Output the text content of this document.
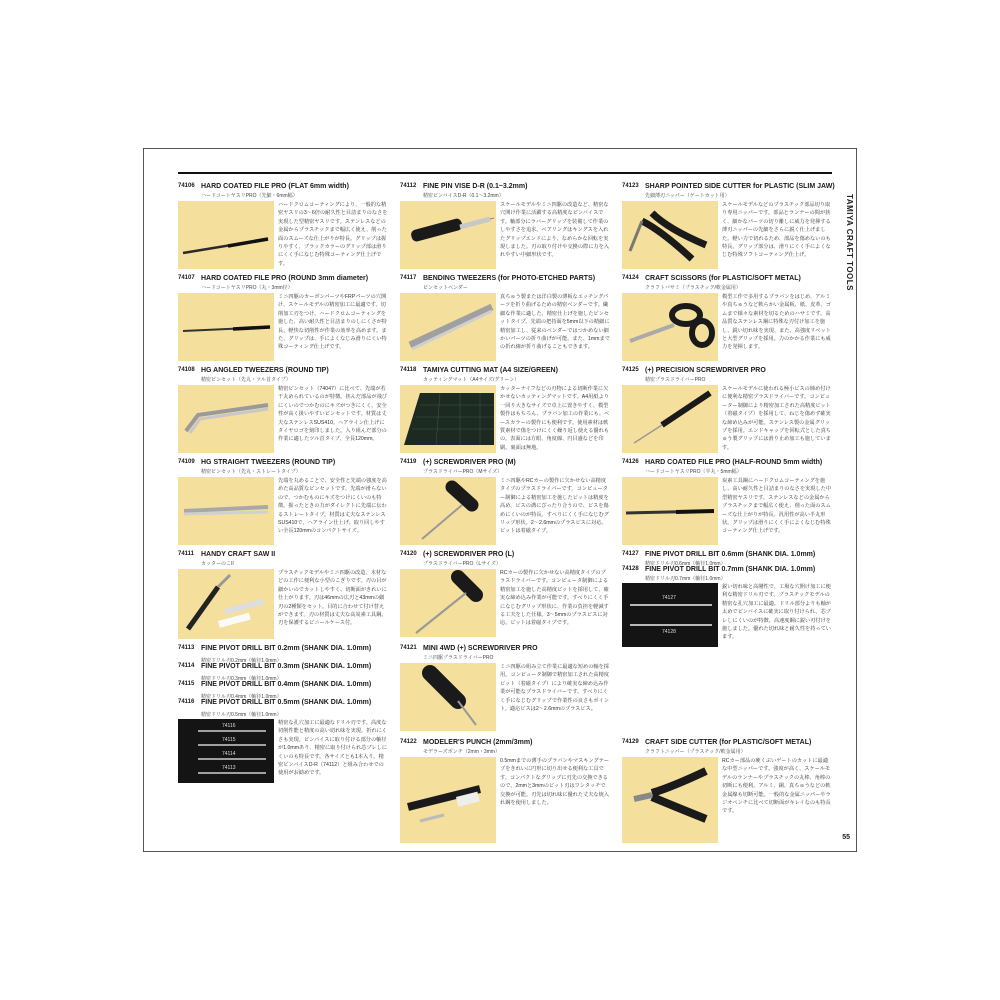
TAMIYA CRAFT TOOLS
55
74106 HARD COATED FILE PRO (FLAT 6mm width)
ハードコートヤスリPRO（先細・6mm幅）
ハードクロムコーティングにより、一般的な精密ヤスリの3〜6倍の耐久性と目詰まりのなさを実現した型精密ヤスリです。ステンレスなどの金属からプラスチックまで幅広く使え、削った面のスムーズな仕上がりが特長。グリップは握りやすく、ブラックカラーのグリップ部は滑りにくく手になじむ特殊コーティング仕上げです。
74107 HARD COATED FILE PRO (ROUND 3mm diameter)
ハードコートヤスリPRO（丸・3mm径）
ミニ四駆のカーボンパーツやFRPパーツの穴開け、スケールモデルの精密加工に最適です。切削加工刃をつけ、ハードクロムコーティングを施した、高い耐久性と目詰まりのしにくさが特長。軽快な切削性が作業の効率を高めます。また、グリップは、手によくなじみ滑りにくい特殊コーティング仕上げです。
74108 HG ANGLED TWEEZERS (ROUND TIP)
精密ピンセット（先丸・ツル首タイプ）
精密ピンセット（74047）に比べて、先端が若干丸められているのが特徴。挟んだ部品が飛びにくいのでつかむのにキズがつきにくく、安全性が高く扱いやすいピンセットです。材質は丈夫なステンレスSUS410。ヘアライン仕上げにタイヤロゴを刻印しました。入り組んだ部分の作業に適したツル首タイプ、全長120mm。
74109 HG STRAIGHT TWEEZERS (ROUND TIP)
精密ピンセット（先丸・ストレートタイプ）
先端を丸めることで、安全性と先端の強度を高めた高品質なピンセットです。先端が滑らないので、つかむものにキズをつけにくいのも特徴。握ったときの力がダイレクトに先端に伝わるストレートタイプ。材質は丈夫なステンレスSUS410で、ヘアライン仕上げ。取り回しやすい全長120mmのコンパクトサイズ。
74111 HANDY CRAFT SAW II
カッターのこII
プラスチックモデルやミニ四駆の改造、木材などの工作に便利な小型のこぎりです。刃の目が細かいのでカットしやすく、切断面がきれいに仕上がります。刃は46mmの広刃と43mmの細刃の2種類をセット。目的に合わせて付け替えができます。刃の材質は丈夫な高炭素工具鋼。刃を保護するビニールケース付。
74113 FINE PIVOT DRILL BIT 0.2mm (SHANK DIA. 1.0mm)
精密ドリル刃0.2mm（軸径1.0mm）
74114 FINE PIVOT DRILL BIT 0.3mm (SHANK DIA. 1.0mm)
精密ドリル刃0.3mm（軸径1.0mm）
74115 FINE PIVOT DRILL BIT 0.4mm (SHANK DIA. 1.0mm)
精密ドリル刃0.4mm（軸径1.0mm）
74116 FINE PIVOT DRILL BIT 0.5mm (SHANK DIA. 1.0mm)
精密ドリル刃0.5mm（軸径1.0mm）
74116
74115
74114
74113
精密な孔穴加工に最適なドリル刃です。高度な切削性能と精度の高い切れ味を実現。折れにくさも実現。ピンバイスに取り付ける部分の軸径が1.0mmあり、精密に取り付けられ芯ブレしにくいのも特長です。各サイズとも1本入り。精密ピンバイスD-R（74112）と組み合わせでの使用がお勧めです。
74112 FINE PIN VISE D-R (0.1~3.2mm)
精密ピンバイスD-R（0.1〜3.2mm）
スケールモデルやミニ四駆の改造など、精密な穴開け作業に活躍する高精度なピンバイスです。軸部分にラバーグリップを装備して作業のしやすさを追求。ベアリングはキングスを入れたグリップエンドにより、なめらかな回転を実現しました。刃の取り付けや交換の際に力を入れやすい中細形状です。
74117 BENDING TWEEZERS (for PHOTO-ETCHED PARTS)
ピンセットベンダー
真ちゅう製または洋白製の薄板なエッチングパーツを折り曲げるための精密ベンダーです。繊細な作業に適した、精密仕上げを施したピンセットタイプ。先端の把持面を5mm以下の精細に精密加工し、従来のベンダーではつかめない細かいパーツの折り曲げが可能。また、1mmまでの折れ線が折り曲げることもできます。
74118 TAMIYA CUTTING MAT (A4 SIZE/GREEN)
カッティングマット（A4サイズ/グリーン）
カッターナイフなどの刃物による切断作業に欠かせないカッティングマットです。A4用紙より一回り大きなサイズで卓上に置きやすく、模型製作はもちろん、プラバン加工の作業にも。ベースカラーの製作にも便利です。使用素材は軟質素材で傷をつけにくく繰り返し使える優れもの。表面には方眼、角度線、円目盛などを印刷。裏面は無地。
74119 (+) SCREWDRIVER PRO (M)
プラスドライバーPRO（Mサイズ）
ミニ四駆やRCカーの製作に欠かせない高精度タイプのプラスドライバーです。コンピューター制御による精密加工を施したビットは精度を高め、ビスの溝にぴったり合うので、ビスを傷めにくいのが特長。すべりにくく手になじむグリップ形状。2〜2.6mmのプラスビスに対応。ビットは着磁タイプ。
74120 (+) SCREWDRIVER PRO (L)
プラスドライバーPRO（Lサイズ）
RCカーの製作に欠かせない高精度タイプのプラスドライバーです。コンピュータ制御による精密加工を施した高精度ビットを採用して、確実な締め込み作業が可能です。すべりにくく手になじむグリップ形状に、作業の負担を軽減する工夫をした仕様。3〜5mmのプラスビスに対応。ビットは着磁タイプです。
74121 MINI 4WD (+) SCREWDRIVER PRO
ミニ四駆プラスドライバーPRO
ミニ四駆の組み立て作業に最適な短めの軸を採用。コンピュータ制御で精密加工された高精度ビット（着磁タイプ）により確実な締め込み作業が可能なプラスドライバーです。すべりにくく手になじむグリップで作業性の良さもポイント。適応ビスは2〜2.6mmのプラスビス。
74122 MODELER'S PUNCH (2mm/3mm)
モデラーズポンチ（2mm・3mm）
0.5mmまでの薄手のプラバンやマスキングテープをきれいに円形に切り出せる便利な工具です。コンパクトなグリップに刃先の交換できるので、2mmと3mmのビット刃はワンタッチで交換が可能。刃先は切れ味に優れた丈夫な焼入れ鋼を使用しました。
74123 SHARP POINTED SIDE CUTTER for PLASTIC (SLIM JAW)
先細薄刃ニッパー（ゲートカット用）
スケールモデルなどのプラスチック部品切り取り専用ニッパーです。部品とランナーの間が狭く、細かなパーツの切り離しに威力を発揮する薄刃ニッパーの先細をさらに鋭く仕上げました。軽い力で切れるため、部品を傷めないのも特長。グリップ部分は、滑りにくく手によくなじむ特殊ソフトコーティング仕上げ。
74124 CRAFT SCISSORS (for PLASTIC/SOFT METAL)
クラフトバサミ（プラスチック/軟金属用）
模型工作で多用するプラバンをはじめ、アルミや真ちゅうなど軟らかい金属板、紙、皮革、ゴムまで様々な素材を切るためのハサミです。高品質なステンレス鋼に特殊な刃付け加工を施し、鋭い切れ味を実現。また、高強度リベットと大型グリップを採用。力のかかる作業にも威力を発揮します。
74125 (+) PRECISION SCREWDRIVER PRO
精密プラスドライバーPRO
スケールモデルに使われる極小ビスの締め付けに便利な精密プラスドライバーです。コンピューター制御により精密加工された高精度ビット（着磁タイプ）を採用して、ねじを傷めず確実な締め込みが可能。ステンレス製の金属グリップを採用。エンドキャップを回転式とした真ちゅう製グリップには滑り止め加工も施しています。
74126 HARD COATED FILE PRO (HALF-ROUND 5mm width)
ハードコートヤスリPRO（半丸・5mm幅）
炭素工具鋼にハードクロムコーティングを施し、高い耐久性と目詰まりのなさを実現した中型精密ヤスリです。ステンレスなどの金属からプラスチックまで幅広く使え、削った面のスムーズな仕上がりが特長。汎用性が高い半丸形状。グリップは滑りにくく手によくなじむ特殊コーティング仕上げです。
74127 FINE PIVOT DRILL BIT 0.6mm (SHANK DIA. 1.0mm)
精密ドリル刃0.6mm（軸径1.0mm）
74128 FINE PIVOT DRILL BIT 0.7mm (SHANK DIA. 1.0mm)
精密ドリル刃0.7mm（軸径1.0mm）
74127
74128
鋭い切れ味と高剛性で、工場な穴開け加工に便利な精密ドリル刃です。プラスチックモデルの精密な孔穴加工に最適。ドリル部分よりも軸が太めでピンバイスに確実に取り付けられ、芯ブレしにくいのが特徴。高速度鋼に鋭い刃付けを施しました。優れた切れ味と耐久性を持っています。
74129 CRAFT SIDE CUTTER (for PLASTIC/SOFT METAL)
クラフトニッパー（プラスチック/軟金属用）
RCカー部品の硬くぶいゲートのカットに最適な中型ニッパーです。強度が高く、スケールモデルのランナーやプラスチックの丸棒、角棒の切断にも便利。アルミ、銅、真ちゅうなどの軟金属線も切断可能。一般的な金属ニッパーやラジオペンチに比べて切断面がキレイなのも特長です。
